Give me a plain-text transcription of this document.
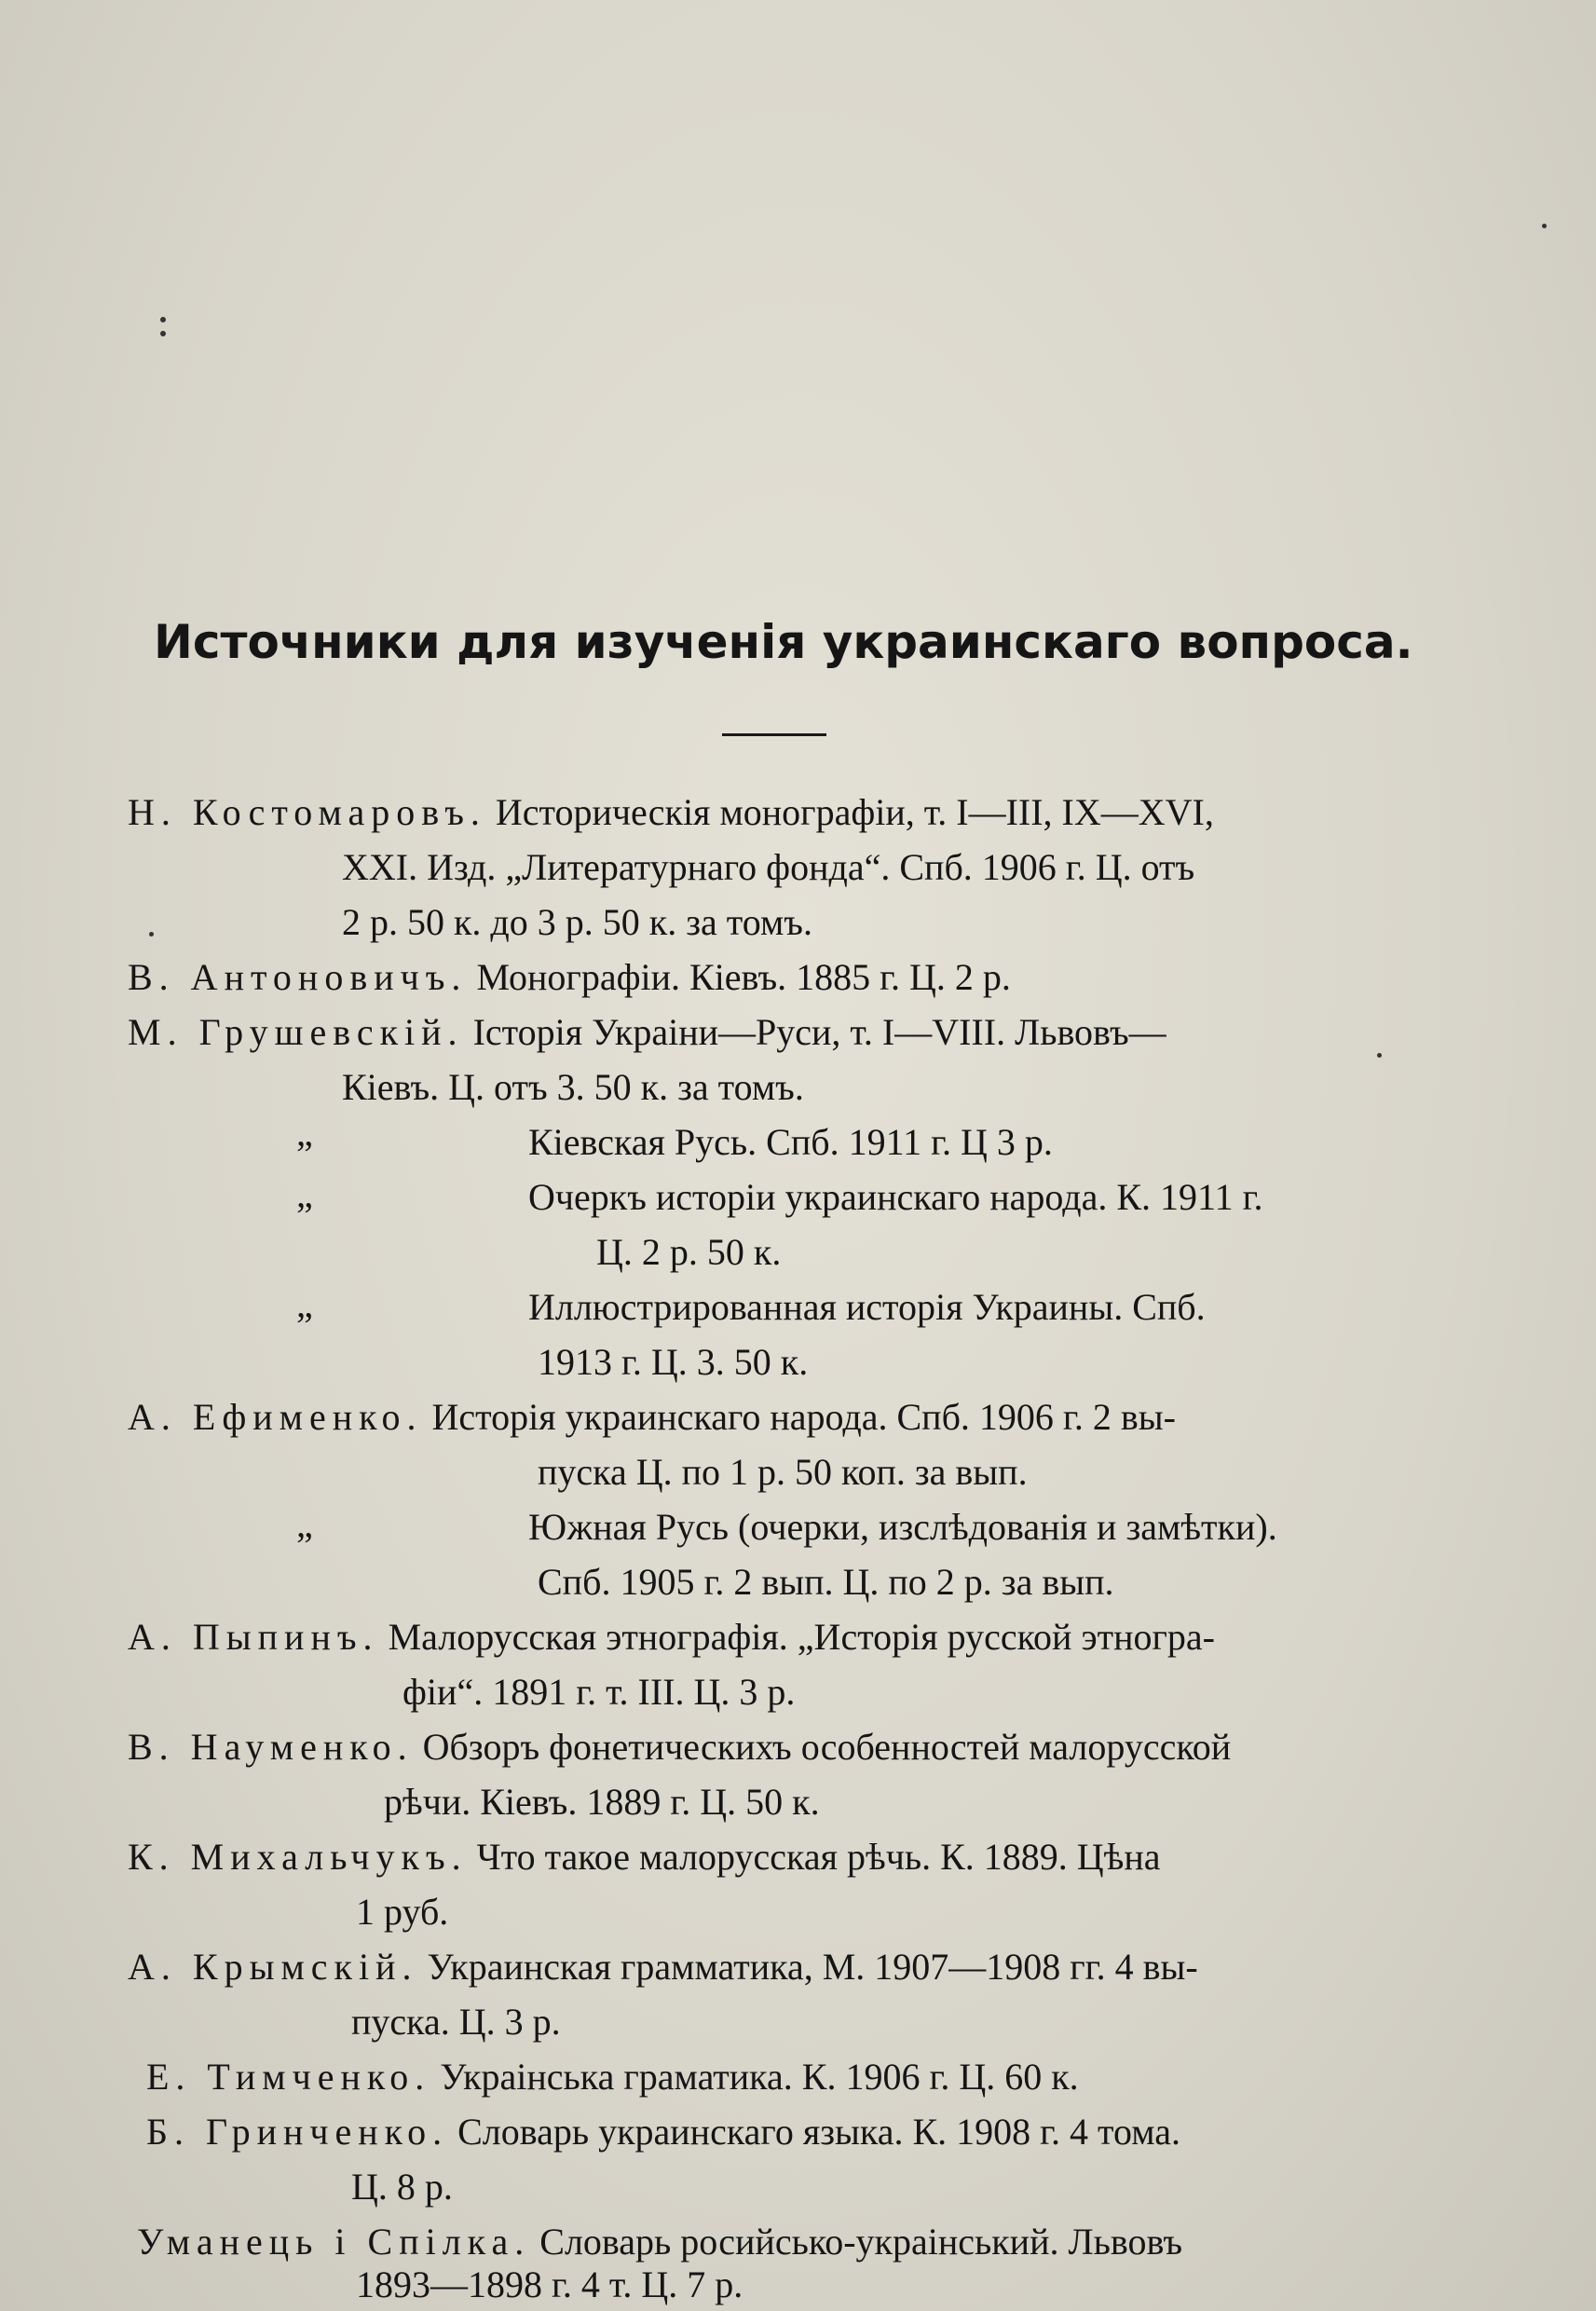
Источники для изученія украинскаго вопроса.
Н. Костомаровъ. Историческія монографіи, т. I—III, IX—XVI,
XXI. Изд. „Литературнаго фонда“. Спб. 1906 г. Ц. отъ
2 р. 50 к. до 3 р. 50 к. за томъ.
В. Антоновичъ. Монографіи. Кіевъ. 1885 г. Ц. 2 р.
М. Грушевскій. Історія Украіни—Руси, т. I—VIII. Львовъ—
Кіевъ. Ц. отъ 3. 50 к. за томъ.
„	Кіевская Русь. Спб. 1911 г. Ц 3 р.
„	Очеркъ исторіи украинскаго народа. К. 1911 г.
Ц. 2 р. 50 к.
„	Иллюстрированная исторія Украины. Спб.
1913 г. Ц. 3. 50 к.
А. Ефименко. Исторія украинскаго народа. Спб. 1906 г. 2 вы-
пуска Ц. по 1 р. 50 коп. за вып.
„	Южная Русь (очерки, изслѣдованія и замѣтки).
Спб. 1905 г. 2 вып. Ц. по 2 р. за вып.
А. Пыпинъ. Малорусская этнографія. „Исторія русской этногра-
фіи“. 1891 г. т. III. Ц. 3 р.
В. Науменко. Обзоръ фонетическихъ особенностей малорусской
рѣчи. Кіевъ. 1889 г. Ц. 50 к.
К. Михальчукъ. Что такое малорусская рѣчь. К. 1889. Цѣна
1 руб.
А. Крымскій. Украинская грамматика, М. 1907—1908 гг. 4 вы-
пуска. Ц. 3 р.
Е. Тимченко. Украiнська граматика. К. 1906 г. Ц. 60 к.
Б. Гринченко. Словарь украинскаго языка. К. 1908 г. 4 тома.
Ц. 8 р.
Уманець і Спілка. Словарь росийсько-украінський. Львовъ
1893—1898 г. 4 т. Ц. 7 р.
